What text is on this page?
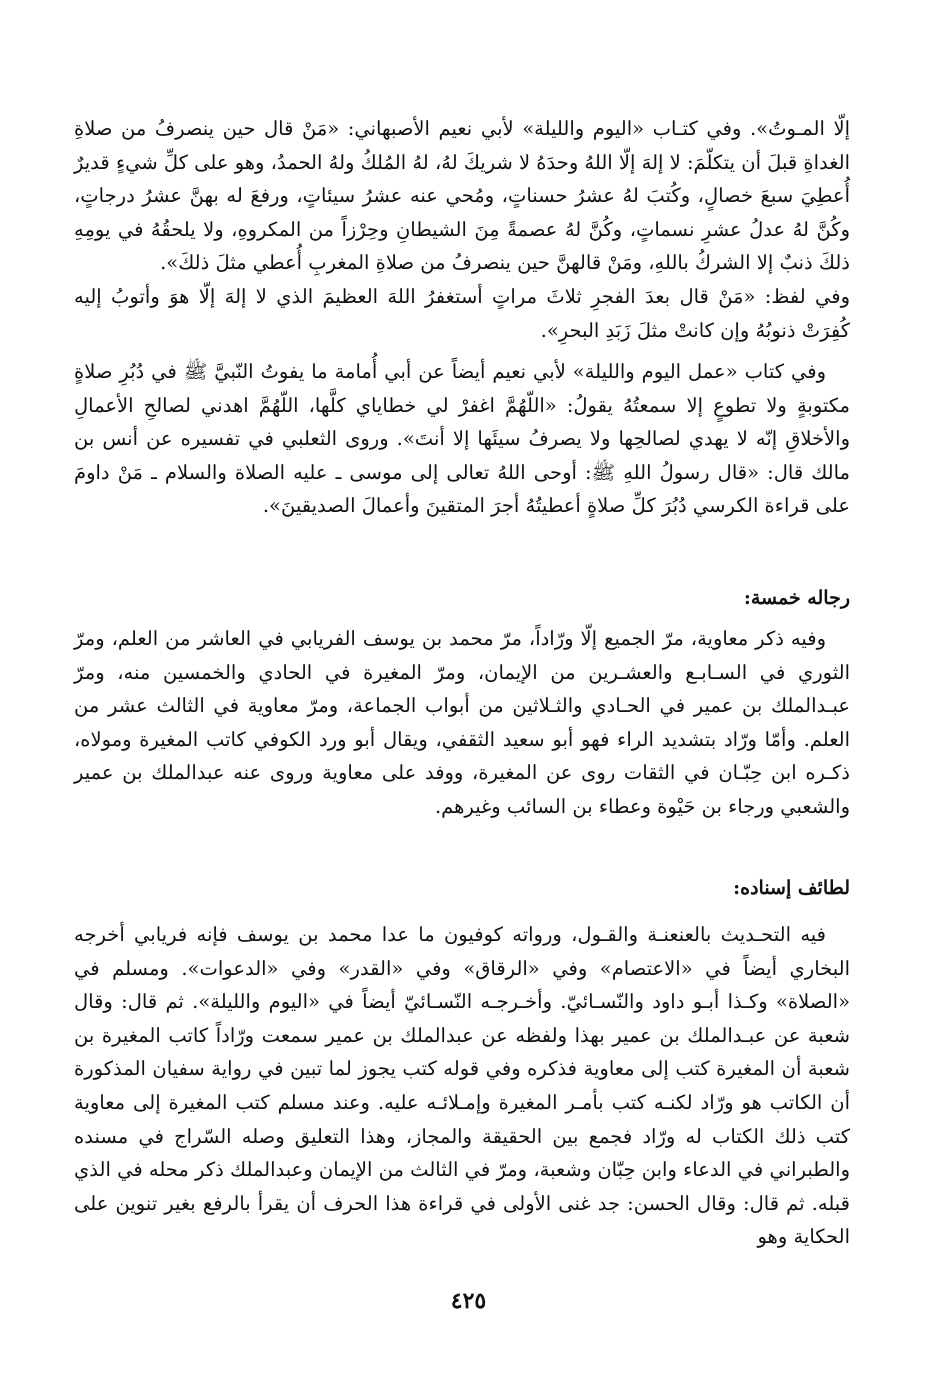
إلّا المـوتُ». وفي كتـاب «اليوم والليلة» لأبي نعيم الأصبهاني: «مَنْ قال حين ينصرفُ من صلاةِ الغداةِ قبلَ أن يتكلّمَ: لا إلهَ إلّا اللهُ وحدَهُ لا شريكَ لهُ، لهُ المُلكُ ولهُ الحمدُ، وهو على كلِّ شيءٍ قديرٌ أُعطِيَ سبعَ خصالٍ، وكُتبَ لهُ عشرُ حسناتٍ، ومُحي عنه عشرُ سيئاتٍ، ورفعَ له بهنَّ عشرُ درجاتٍ، وكُنَّ لهُ عدلُ عشرِ نسماتٍ، وكُنَّ لهُ عصمةً مِنَ الشيطانِ وحِرْزاً من المكروهِ، ولا يلحقُهُ في يومِهِ ذلكَ ذنبٌ إلا الشركُ باللهِ، ومَنْ قالهنَّ حين ينصرفُ من صلاةِ المغربِ أُعطي مثلَ ذلكَ».

وفي لفظ: «مَنْ قال بعدَ الفجرِ ثلاثَ مراتٍ أستغفرُ اللهَ العظيمَ الذي لا إلهَ إلّا هوَ وأتوبُ إليه كُفِرَتْ ذنوبُهُ وإن كانتْ مثلَ زَبَدِ البحرِ».

وفي كتاب «عمل اليوم والليلة» لأبي نعيم أيضاً عن أبي أُمامة ما يفوتُ النّبيَّ ﷺ في دُبُرِ صلاةٍ مكتوبةٍ ولا تطوعٍ إلا سمعتُهُ يقولُ: «اللّهُمَّ اغفرْ لي خطاياي كلَّها، اللّهُمَّ اهدني لصالحِ الأعمالِ والأخلاقِ إنّه لا يهدي لصالحِها ولا يصرفُ سيئَها إلا أنتَ». وروى الثعلبي في تفسيره عن أنس بن مالك قال: «قال رسولُ اللهِ ﷺ: أوحى اللهُ تعالى إلى موسى ـ عليه الصلاة والسلام ـ مَنْ داومَ على قراءة الكرسي دُبُرَ كلِّ صلاةٍ أعطيتُهُ أجرَ المتقينَ وأعمالَ الصديقينَ».

رجاله خمسة:

وفيه ذكر معاوية، مرّ الجميع إلّا ورّاداً، مرّ محمد بن يوسف الفريابي في العاشر من العلم، ومرّ الثوري في السـابـع والعشـرين من الإيمان، ومرّ المغيرة في الحادي والخمسين منه، ومرّ عبـدالملك بن عمير في الحـادي والثـلاثين من أبواب الجماعة، ومرّ معاوية في الثالث عشر من العلم. وأمّا ورّاد بتشديد الراء فهو أبو سعيد الثقفي، ويقال أبو ورد الكوفي كاتب المغيرة ومولاه، ذكـره ابن حِبّـان في الثقات روى عن المغيرة، ووفد على معاوية وروى عنه عبدالملك بن عمير والشعبي ورجاء بن حَيْوة وعطاء بن السائب وغيرهم.

لطائف إسناده:

فيه التحـديث بالعنعنـة والقـول، ورواته كوفيون ما عدا محمد بن يوسف فإنه فريابي أخرجه البخاري أيضاً في «الاعتصام» وفي «الرقاق» وفي «القدر» وفي «الدعوات». ومسلم في «الصلاة» وكـذا أبـو داود والنّسـائيّ. وأخـرجـه النّسـائيّ أيضاً في «اليوم والليلة». ثم قال: وقال شعبة عن عبـدالملك بن عمير بهذا ولفظه عن عبدالملك بن عمير سمعت ورّاداً كاتب المغيرة بن شعبة أن المغيرة كتب إلى معاوية فذكره وفي قوله كتب يجوز لما تبين في رواية سفيان المذكورة أن الكاتب هو ورّاد لكنـه كتب بأمـر المغيرة وإمـلائـه عليه. وعند مسلم كتب المغيرة إلى معاوية كتب ذلك الكتاب له ورّاد فجمع بين الحقيقة والمجاز، وهذا التعليق وصله السّراج في مسنده والطبراني في الدعاء وابن حِبّان وشعبة، ومرّ في الثالث من الإيمان وعبدالملك ذكر محله في الذي قبله. ثم قال: وقال الحسن: جد غنى الأولى في قراءة هذا الحرف أن يقرأ بالرفع بغير تنوين على الحكاية وهو

٤٢٥
